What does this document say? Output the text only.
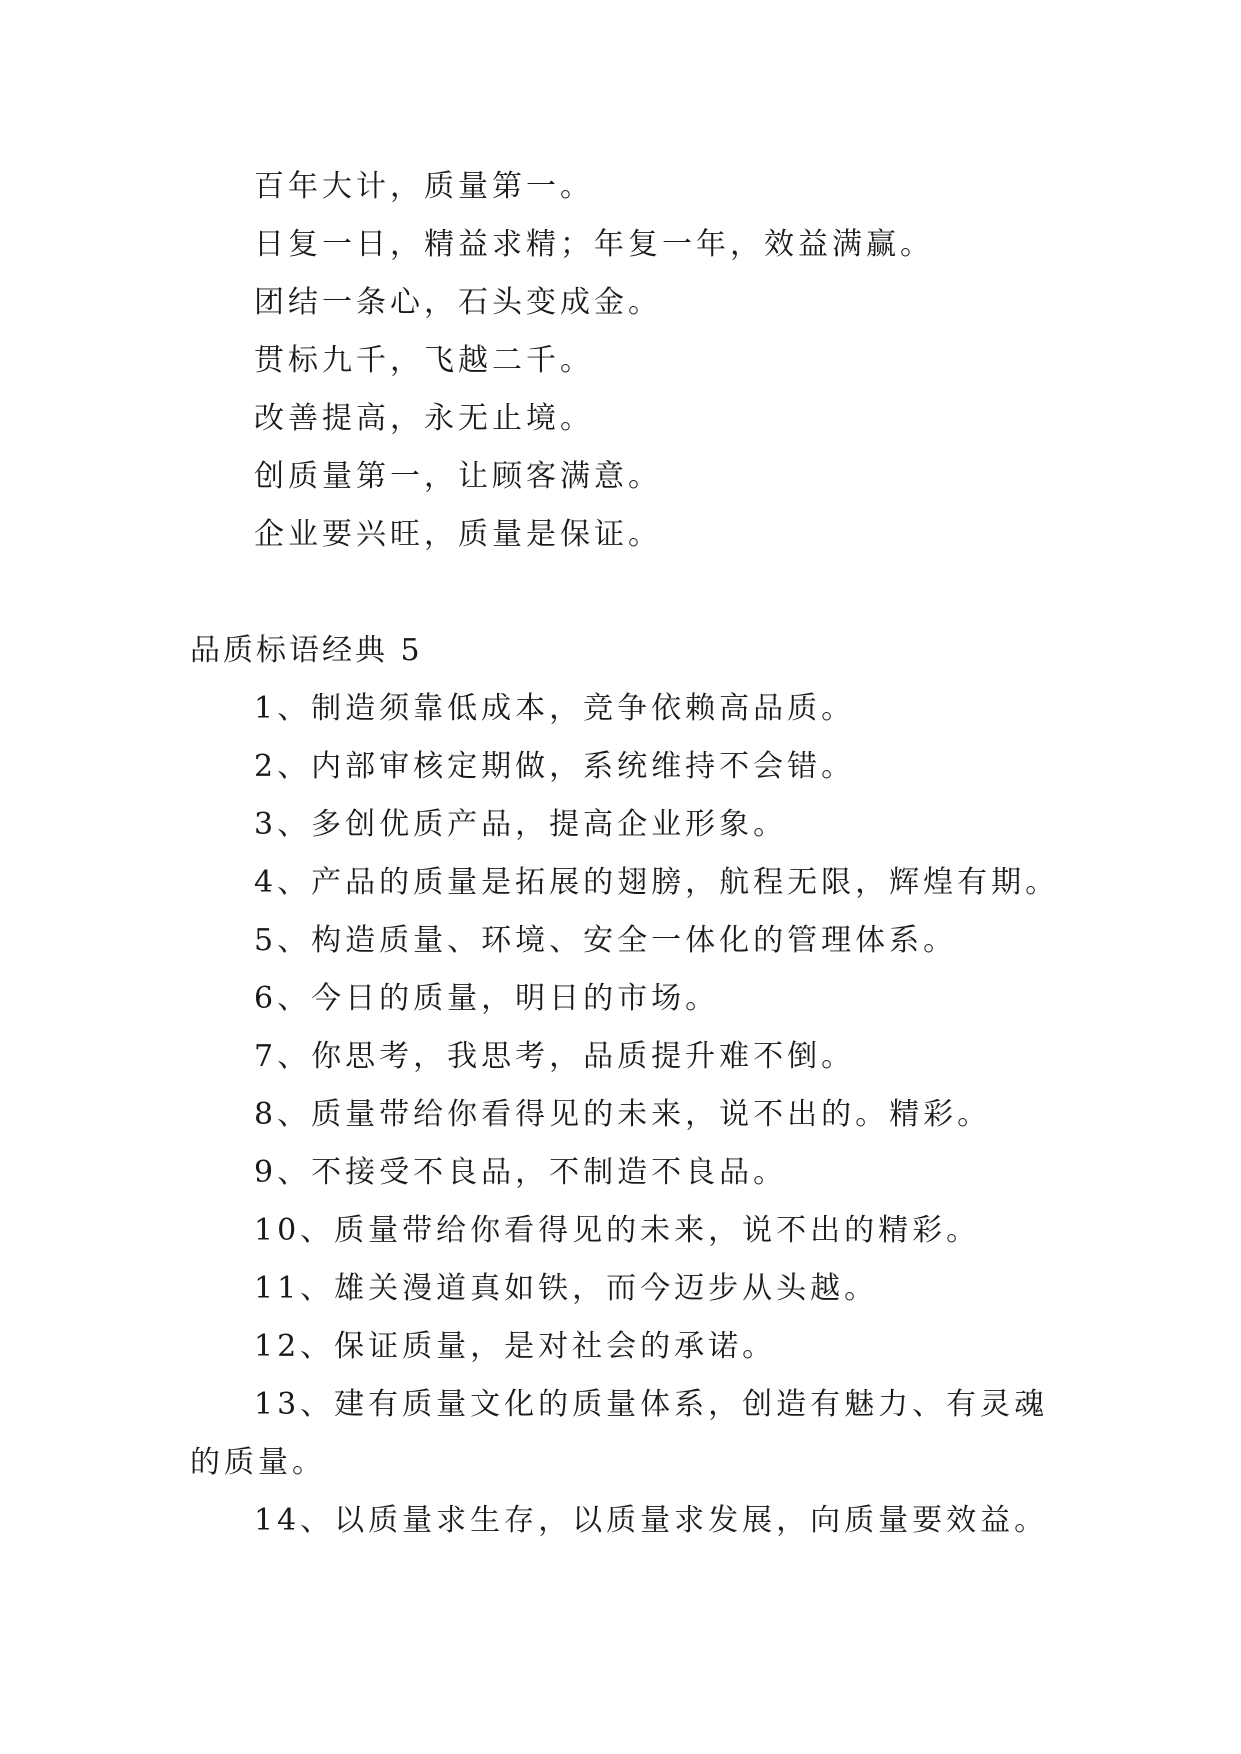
百年大计，质量第一。
日复一日，精益求精；年复一年，效益满赢。
团结一条心，石头变成金。
贯标九千，飞越二千。
改善提高，永无止境。
创质量第一，让顾客满意。
企业要兴旺，质量是保证。
品质标语经典 5
1、制造须靠低成本，竞争依赖高品质。
2、内部审核定期做，系统维持不会错。
3、多创优质产品，提高企业形象。
4、产品的质量是拓展的翅膀，航程无限，辉煌有期。
5、构造质量、环境、安全一体化的管理体系。
6、今日的质量，明日的市场。
7、你思考，我思考，品质提升难不倒。
8、质量带给你看得见的未来，说不出的。精彩。
9、不接受不良品，不制造不良品。
10、质量带给你看得见的未来，说不出的精彩。
11、雄关漫道真如铁，而今迈步从头越。
12、保证质量，是对社会的承诺。
13、建有质量文化的质量体系，创造有魅力、有灵魂的质量。
14、以质量求生存，以质量求发展，向质量要效益。
